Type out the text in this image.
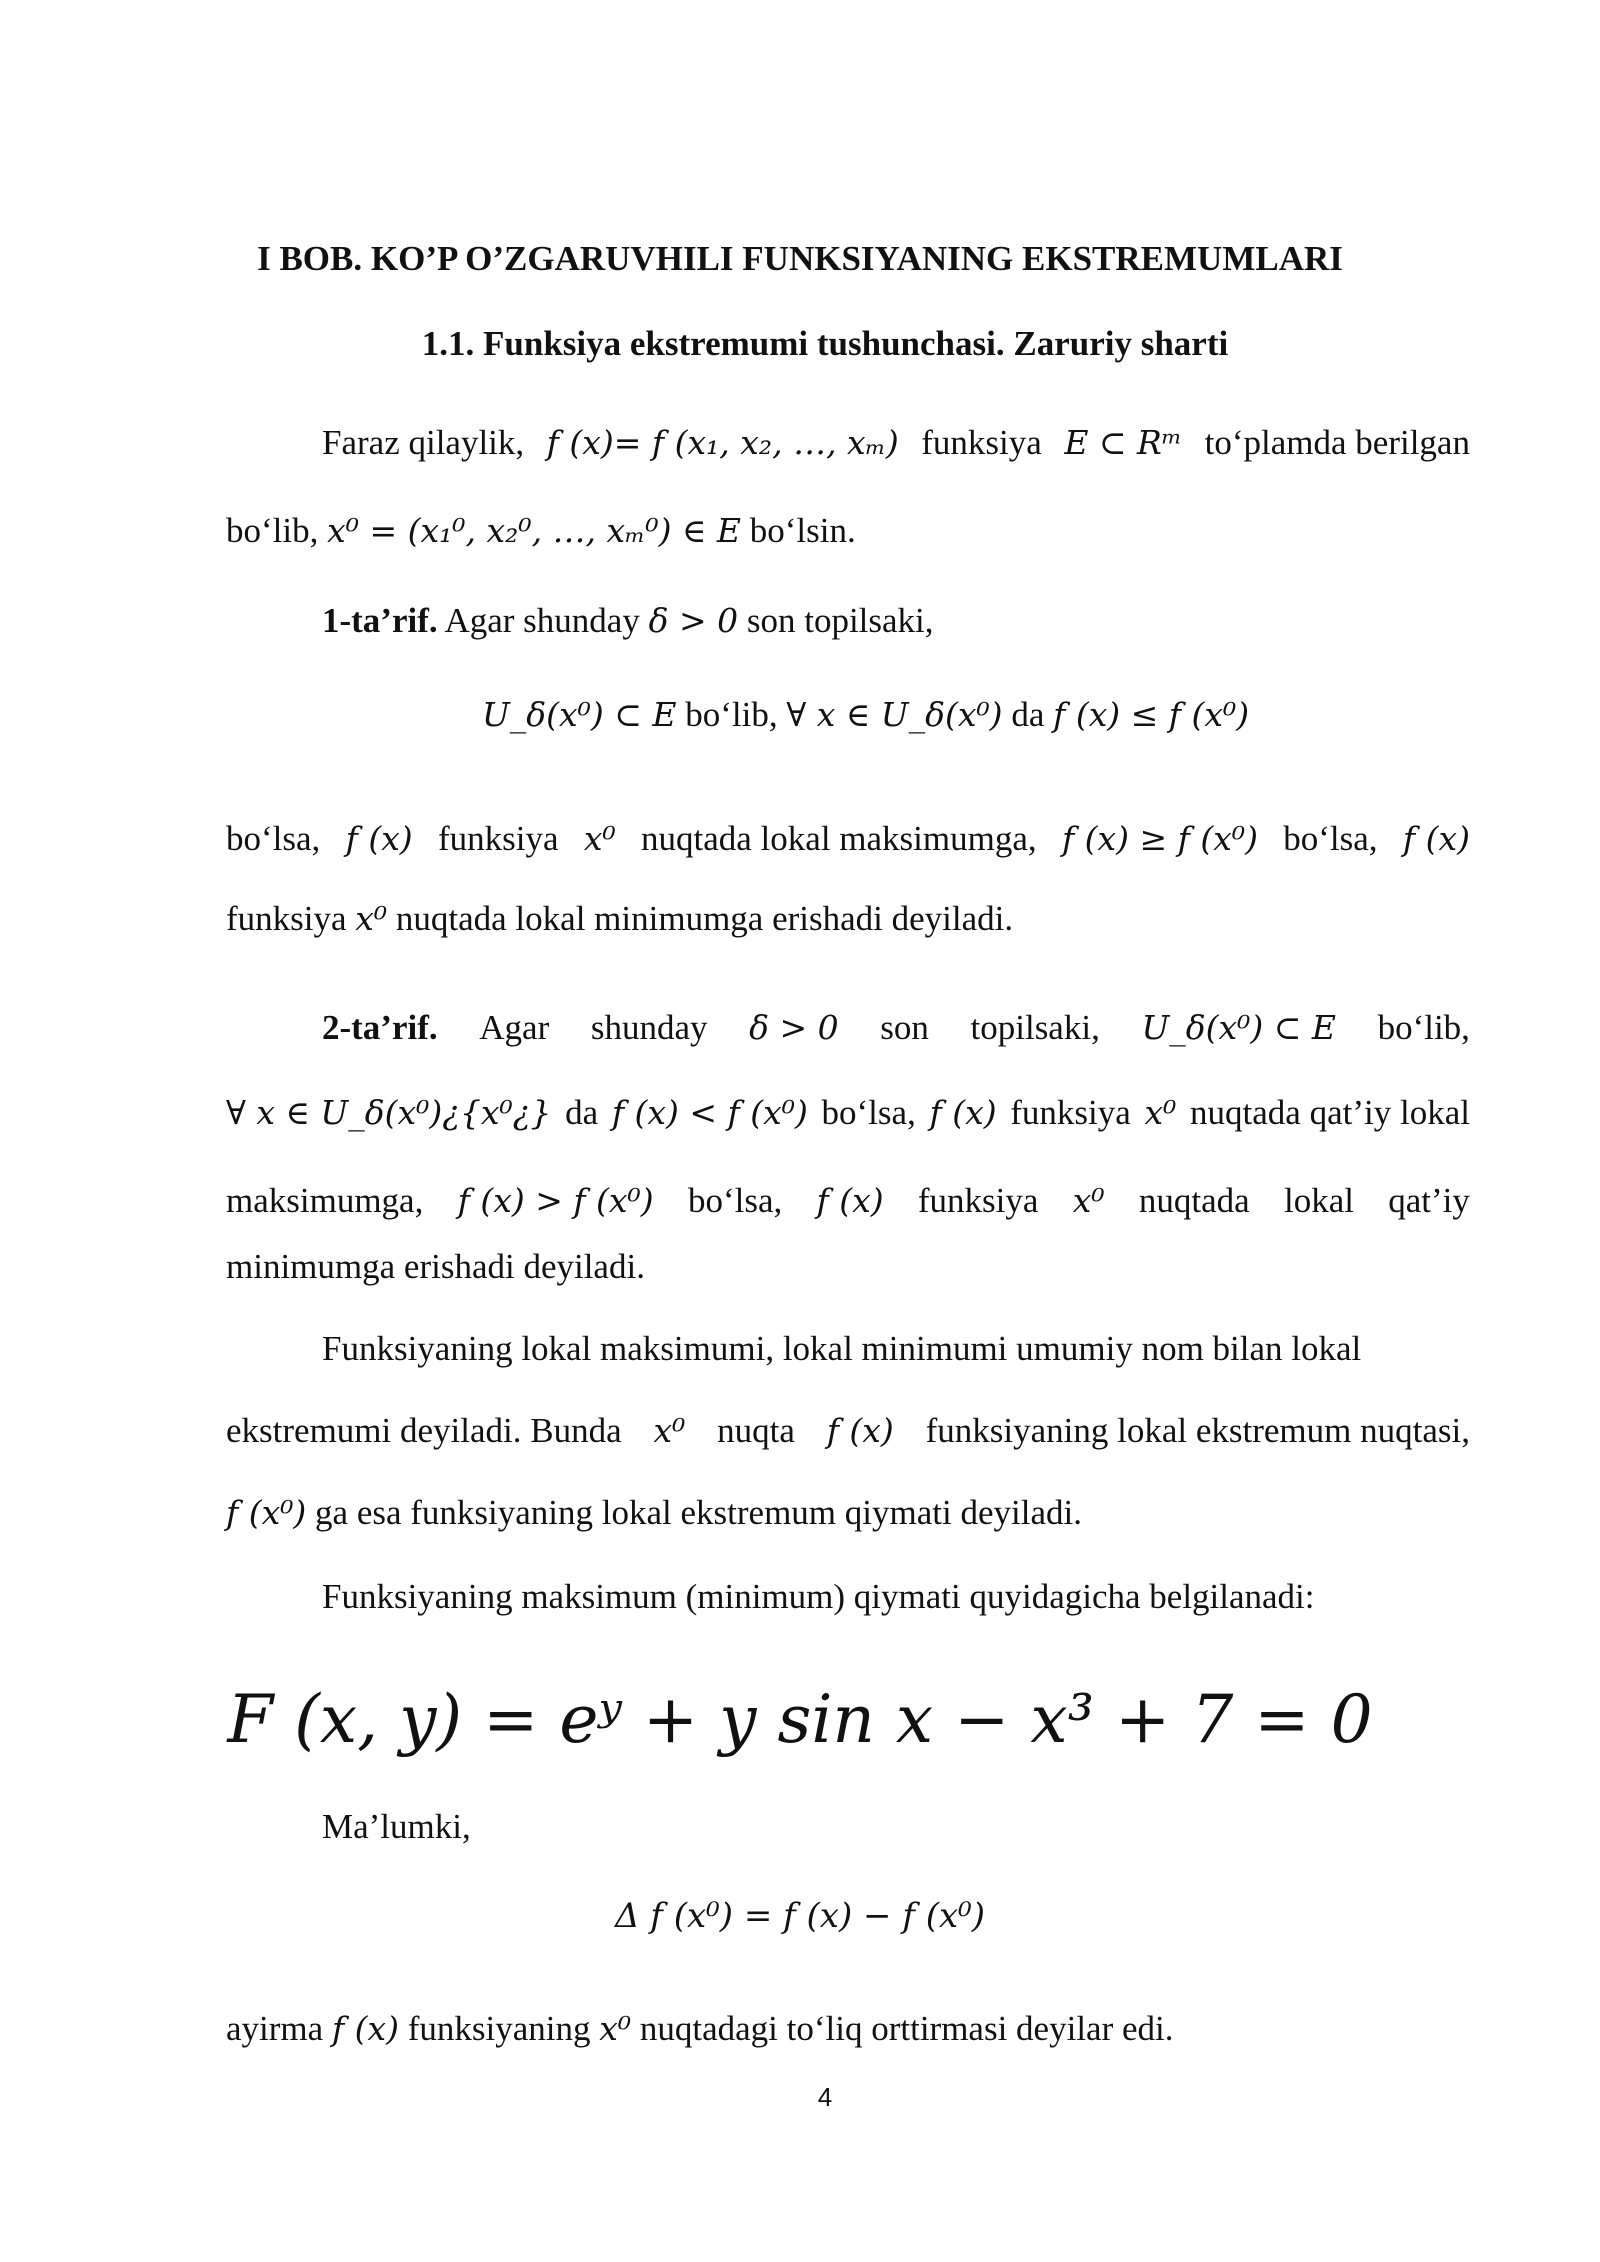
I BOB. KO’P O’ZGARUVHILI FUNKSIYANING EKSTREMUMLARI
1.1. Funksiya ekstremumi tushunchasi. Zaruriy sharti
Faraz qilaylik, f (x)= f (x₁, x₂, …, xₘ) funksiya E ⊂ Rᵐ to‘plamda berilgan
bo‘lib, x⁰ = (x₁⁰, x₂⁰, …, xₘ⁰) ∈ E bo‘lsin.
1-ta’rif. Agar shunday δ > 0 son topilsaki,
U_δ(x⁰) ⊂ E bo‘lib, ∀ x ∈ U_δ(x⁰) da f (x) ≤ f (x⁰)
bo‘lsa, f (x) funksiya x⁰ nuqtada lokal maksimumga, f (x) ≥ f (x⁰) bo‘lsa, f (x)
funksiya x⁰ nuqtada lokal minimumga erishadi deyiladi.
2-ta’rif. Agar shunday δ > 0 son topilsaki, U_δ(x⁰) ⊂ E bo‘lib,
∀ x ∈ U_δ(x⁰)¿{x⁰¿} da f (x) < f (x⁰) bo‘lsa, f (x) funksiya x⁰ nuqtada qat’iy lokal
maksimumga, f (x) > f (x⁰) bo‘lsa, f (x) funksiya x⁰ nuqtada lokal qat’iy
minimumga erishadi deyiladi.
Funksiyaning lokal maksimumi, lokal minimumi umumiy nom bilan lokal
ekstremumi deyiladi. Bunda x⁰ nuqta f (x) funksiyaning lokal ekstremum nuqtasi,
f (x⁰) ga esa funksiyaning lokal ekstremum qiymati deyiladi.
Funksiyaning maksimum (minimum) qiymati quyidagicha belgilanadi:
F (x, y) = eʸ + y sin x − x³ + 7 = 0
Ma’lumki,
Δ f (x⁰) = f (x) − f (x⁰)
ayirma f (x) funksiyaning x⁰ nuqtadagi to‘liq orttirmasi deyilar edi.
4
